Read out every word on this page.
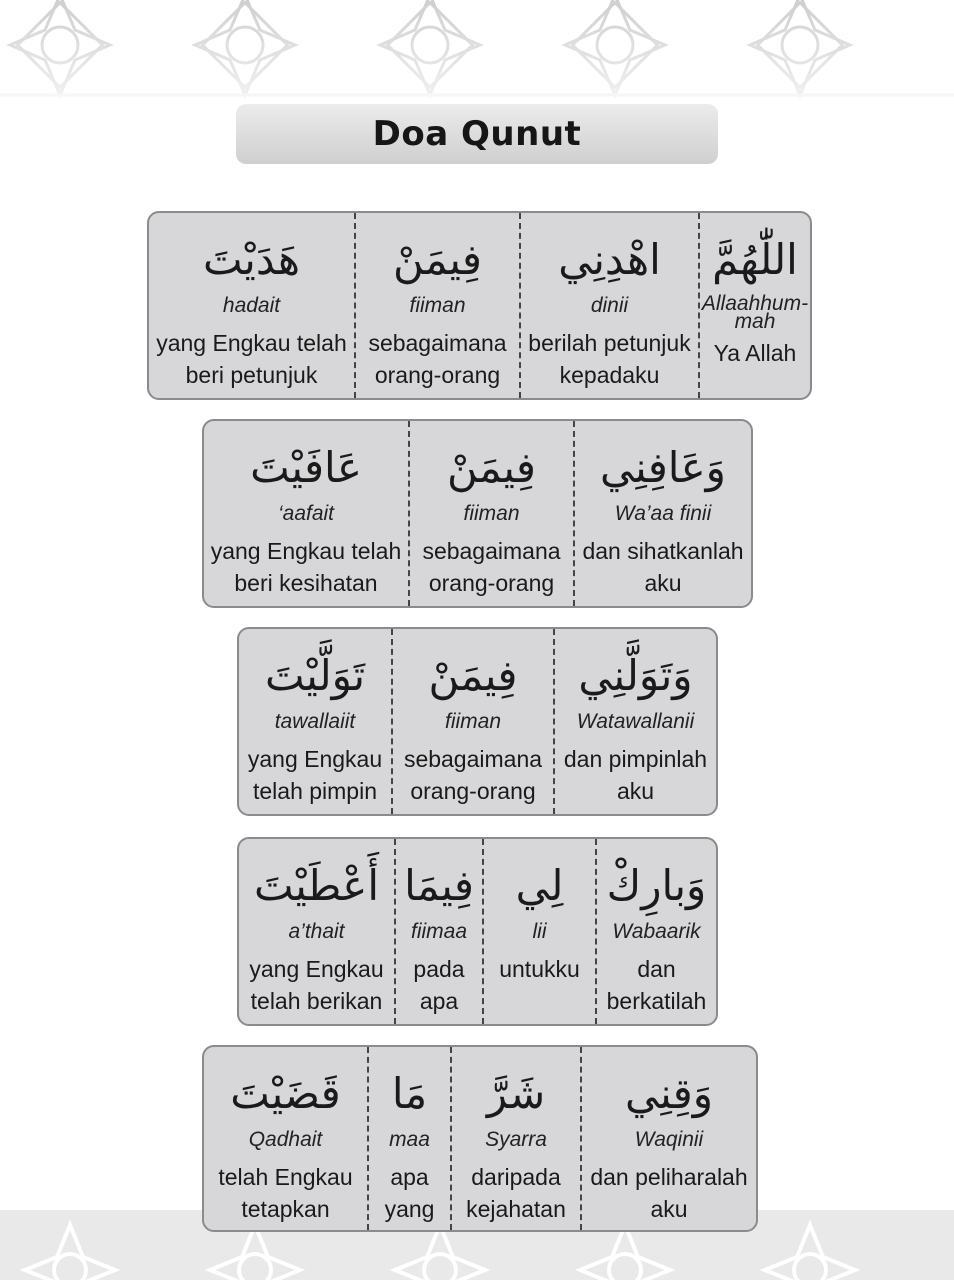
Doa Qunut
اللّٰهُمَّ
Allaahhum-mah
Ya Allah
اهْدِنِي
dinii
berilah petunjuk kepadaku
فِيمَنْ
fiiman
sebagaimana orang-orang
هَدَيْتَ
hadait
yang Engkau telah beri petunjuk
وَعَافِنِي
Wa’aa finii
dan sihatkanlah aku
فِيمَنْ
fiiman
sebagaimana orang-orang
عَافَيْتَ
‘aafait
yang Engkau telah beri kesihatan
وَتَوَلَّنِي
Watawallanii
dan pimpinlah aku
فِيمَنْ
fiiman
sebagaimana orang-orang
تَوَلَّيْتَ
tawallaiit
yang Engkau telah pimpin
وَبارِكْ
Wabaarik
dan berkatilah
لِي
lii
untukku
فِيمَا
fiimaa
pada apa
أَعْطَيْتَ
a’thait
yang Engkau telah berikan
وَقِنِي
Waqinii
dan peliharalah aku
شَرَّ
Syarra
daripada kejahatan
مَا
maa
apa yang
قَضَيْتَ
Qadhait
telah Engkau tetapkan
